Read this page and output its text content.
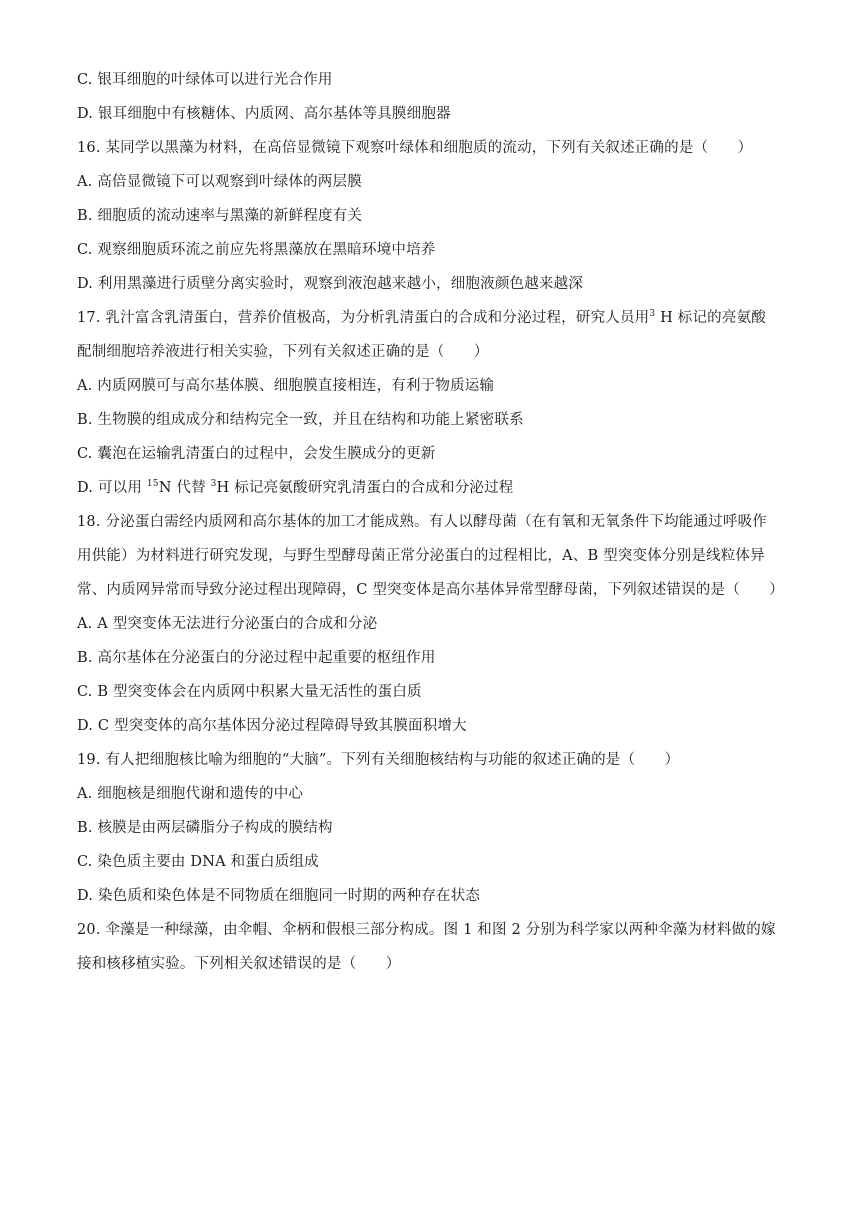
C. 银耳细胞的叶绿体可以进行光合作用
D. 银耳细胞中有核糖体、内质网、高尔基体等具膜细胞器
16. 某同学以黑藻为材料，在高倍显微镜下观察叶绿体和细胞质的流动，下列有关叙述正确的是（　　）
A. 高倍显微镜下可以观察到叶绿体的两层膜
B. 细胞质的流动速率与黑藻的新鲜程度有关
C. 观察细胞质环流之前应先将黑藻放在黑暗环境中培养
D. 利用黑藻进行质壁分离实验时，观察到液泡越来越小，细胞液颜色越来越深
17. 乳汁富含乳清蛋白，营养价值极高，为分析乳清蛋白的合成和分泌过程，研究人员用$^3$ H 标记的亮氨酸
配制细胞培养液进行相关实验，下列有关叙述正确的是（　　）
A. 内质网膜可与高尔基体膜、细胞膜直接相连，有利于物质运输
B. 生物膜的组成成分和结构完全一致，并且在结构和功能上紧密联系
C. 囊泡在运输乳清蛋白的过程中，会发生膜成分的更新
D. 可以用 $^{15}$N 代替 $^3$H 标记亮氨酸研究乳清蛋白的合成和分泌过程
18. 分泌蛋白需经内质网和高尔基体的加工才能成熟。有人以酵母菌（在有氧和无氧条件下均能通过呼吸作
用供能）为材料进行研究发现，与野生型酵母菌正常分泌蛋白的过程相比，A、B 型突变体分别是线粒体异
常、内质网异常而导致分泌过程出现障碍，C 型突变体是高尔基体异常型酵母菌，下列叙述错误的是（　　）
A. A 型突变体无法进行分泌蛋白的合成和分泌
B. 高尔基体在分泌蛋白的分泌过程中起重要的枢纽作用
C. B 型突变体会在内质网中积累大量无活性的蛋白质
D. C 型突变体的高尔基体因分泌过程障碍导致其膜面积增大
19. 有人把细胞核比喻为细胞的“大脑”。下列有关细胞核结构与功能的叙述正确的是（　　）
A. 细胞核是细胞代谢和遗传的中心
B. 核膜是由两层磷脂分子构成的膜结构
C. 染色质主要由 DNA 和蛋白质组成
D. 染色质和染色体是不同物质在细胞同一时期的两种存在状态
20. 伞藻是一种绿藻，由伞帽、伞柄和假根三部分构成。图 1 和图 2 分别为科学家以两种伞藻为材料做的嫁
接和核移植实验。下列相关叙述错误的是（　　）
